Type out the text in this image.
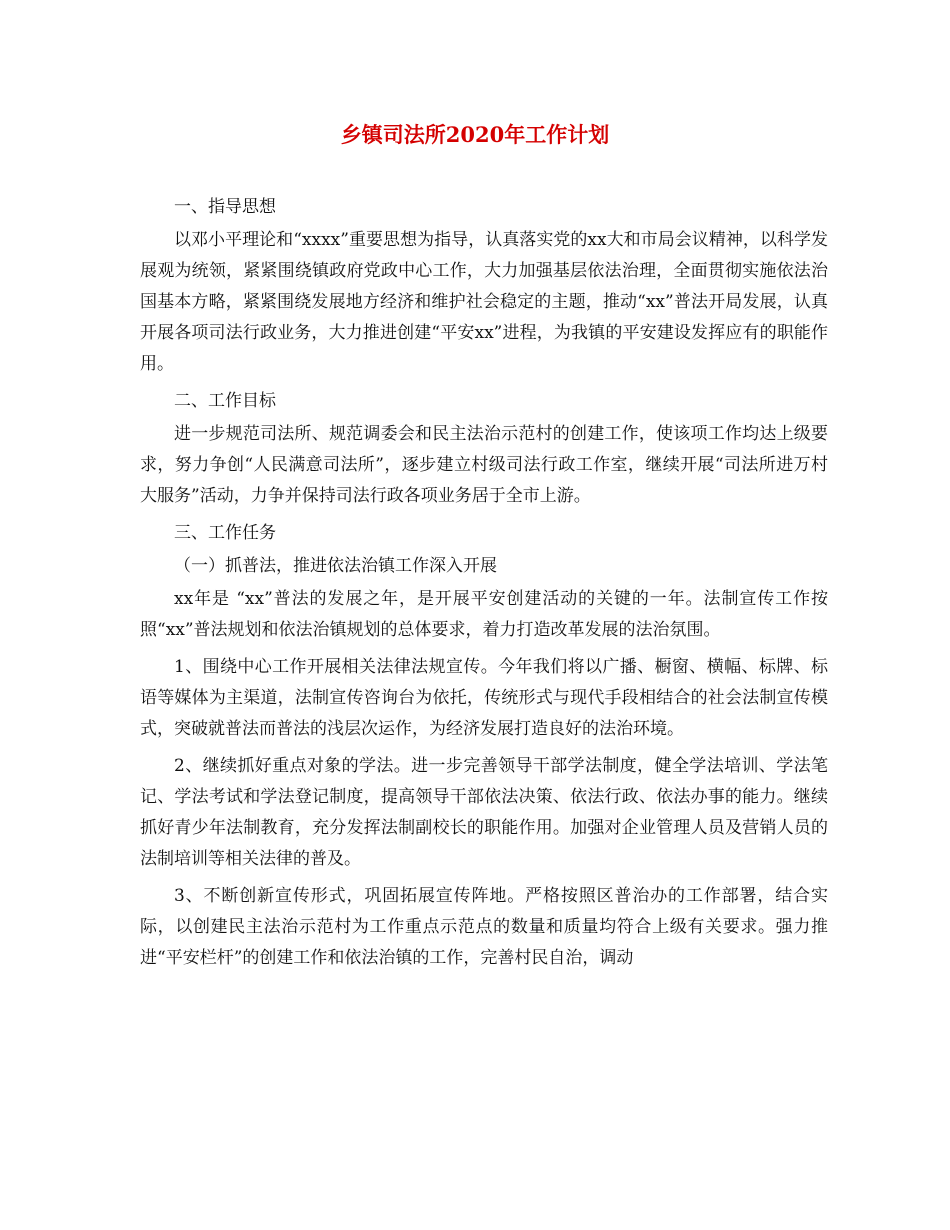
乡镇司法所2020年工作计划

一、指导思想

以邓小平理论和“xxxx”重要思想为指导，认真落实党的xx大和市局会议精神，以科学发展观为统领，紧紧围绕镇政府党政中心工作，大力加强基层依法治理，全面贯彻实施依法治国基本方略，紧紧围绕发展地方经济和维护社会稳定的主题，推动“xx”普法开局发展，认真开展各项司法行政业务，大力推进创建“平安xx”进程，为我镇的平安建设发挥应有的职能作用。

二、工作目标

进一步规范司法所、规范调委会和民主法治示范村的创建工作，使该项工作均达上级要求，努力争创“人民满意司法所”，逐步建立村级司法行政工作室，继续开展“司法所进万村大服务”活动，力争并保持司法行政各项业务居于全市上游。

三、工作任务

（一）抓普法，推进依法治镇工作深入开展

xx年是 “xx”普法的发展之年，是开展平安创建活动的关键的一年。法制宣传工作按照“xx”普法规划和依法治镇规划的总体要求，着力打造改革发展的法治氛围。

1、围绕中心工作开展相关法律法规宣传。今年我们将以广播、橱窗、横幅、标牌、标语等媒体为主渠道，法制宣传咨询台为依托，传统形式与现代手段相结合的社会法制宣传模式，突破就普法而普法的浅层次运作，为经济发展打造良好的法治环境。

2、继续抓好重点对象的学法。进一步完善领导干部学法制度，健全学法培训、学法笔记、学法考试和学法登记制度，提高领导干部依法决策、依法行政、依法办事的能力。继续抓好青少年法制教育，充分发挥法制副校长的职能作用。加强对企业管理人员及营销人员的法制培训等相关法律的普及。

3、不断创新宣传形式，巩固拓展宣传阵地。严格按照区普治办的工作部署，结合实际，以创建民主法治示范村为工作重点示范点的数量和质量均符合上级有关要求。强力推进“平安栏杆”的创建工作和依法治镇的工作，完善村民自治，调动
